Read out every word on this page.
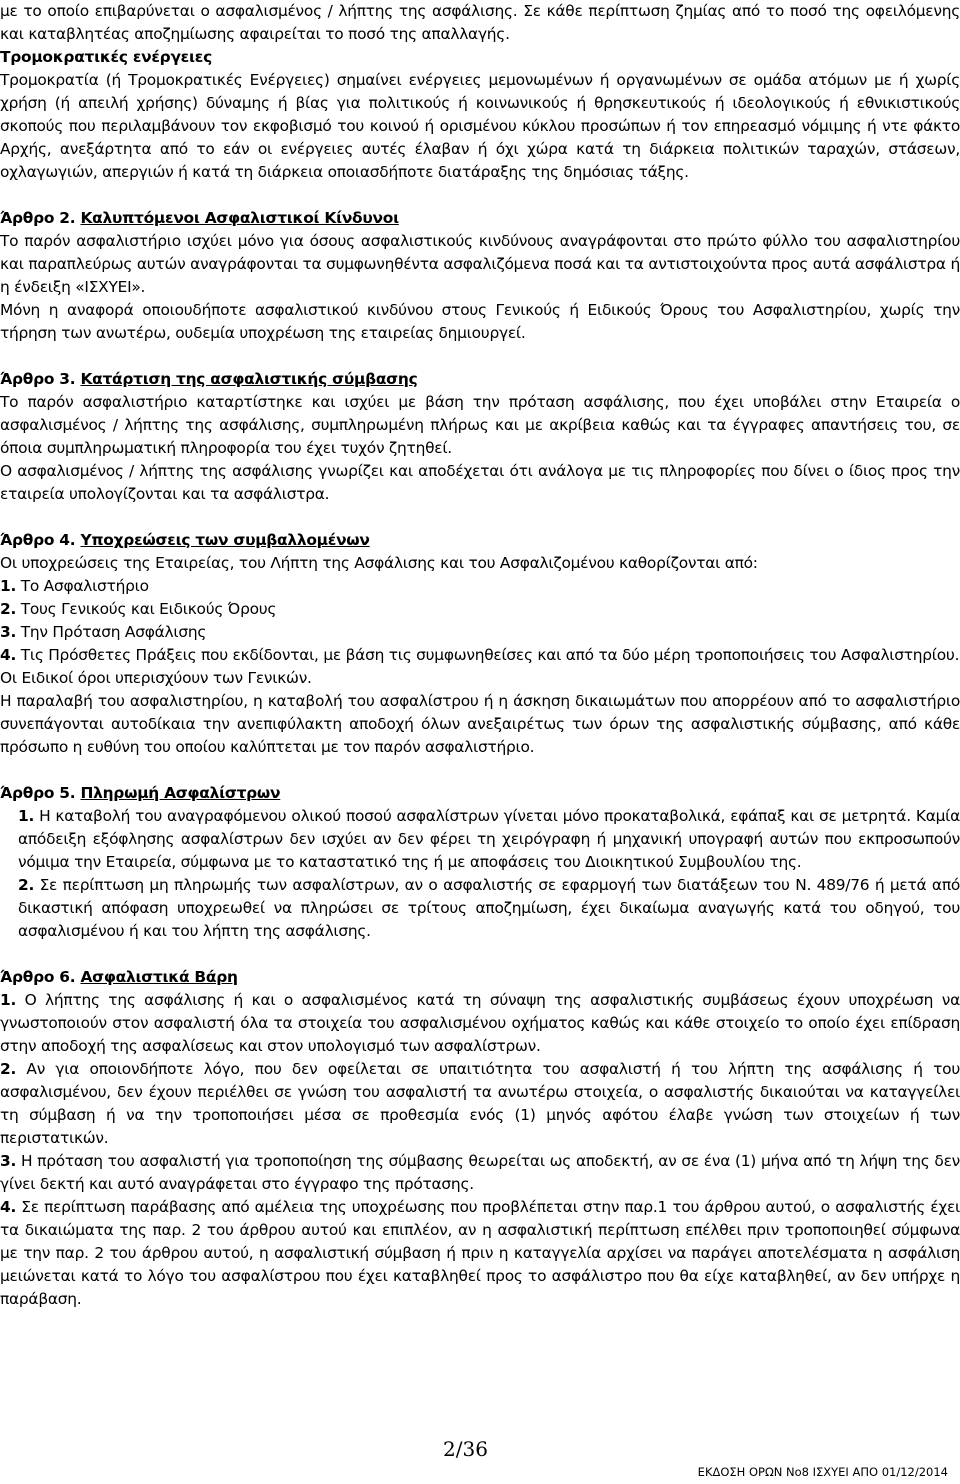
με το οποίο επιβαρύνεται ο ασφαλισμένος / λήπτης της ασφάλισης. Σε κάθε περίπτωση ζημίας από το ποσό της οφειλόμενης και καταβλητέας αποζημίωσης αφαιρείται το ποσό της απαλλαγής.

Τρομοκρατικές ενέργειες

Τρομοκρατία (ή Τρομοκρατικές Ενέργειες) σημαίνει ενέργειες μεμονωμένων ή οργανωμένων σε ομάδα ατόμων με ή χωρίς χρήση (ή απειλή χρήσης) δύναμης ή βίας για πολιτικούς ή κοινωνικούς ή θρησκευτικούς ή ιδεολογικούς ή εθνικιστικούς σκοπούς που περιλαμβάνουν τον εκφοβισμό του κοινού ή ορισμένου κύκλου προσώπων ή τον επηρεασμό νόμιμης ή ντε φάκτο Αρχής, ανεξάρτητα από το εάν οι ενέργειες αυτές έλαβαν ή όχι χώρα κατά τη διάρκεια πολιτικών ταραχών, στάσεων, οχλαγωγιών, απεργιών ή κατά τη διάρκεια οποιασδήποτε διατάραξης της δημόσιας τάξης.

Άρθρο 2. Καλυπτόμενοι Ασφαλιστικοί Κίνδυνοι

Το παρόν ασφαλιστήριο ισχύει μόνο για όσους ασφαλιστικούς κινδύνους αναγράφονται στο πρώτο φύλλο του ασφαλιστηρίου και παραπλεύρως αυτών αναγράφονται τα συμφωνηθέντα ασφαλιζόμενα ποσά και τα αντιστοιχούντα προς αυτά ασφάλιστρα ή η ένδειξη «ΙΣΧΥΕΙ».

Μόνη η αναφορά οποιουδήποτε ασφαλιστικού κινδύνου στους Γενικούς ή Ειδικούς Όρους του Ασφαλιστηρίου, χωρίς την τήρηση των ανωτέρω, ουδεμία υποχρέωση της εταιρείας δημιουργεί.

Άρθρο 3. Κατάρτιση της ασφαλιστικής σύμβασης

Το παρόν ασφαλιστήριο καταρτίστηκε και ισχύει με βάση την πρόταση ασφάλισης, που έχει υποβάλει στην Εταιρεία ο ασφαλισμένος / λήπτης της ασφάλισης, συμπληρωμένη πλήρως και με ακρίβεια καθώς και τα έγγραφες απαντήσεις του, σε όποια συμπληρωματική πληροφορία του έχει τυχόν ζητηθεί.

Ο ασφαλισμένος / λήπτης της ασφάλισης γνωρίζει και αποδέχεται ότι ανάλογα με τις πληροφορίες που δίνει ο ίδιος προς την εταιρεία υπολογίζονται και τα ασφάλιστρα.

Άρθρο 4. Υποχρεώσεις των συμβαλλομένων

Οι υποχρεώσεις της Εταιρείας, του Λήπτη της Ασφάλισης και του Ασφαλιζομένου καθορίζονται από:

1. Το Ασφαλιστήριο

2. Τους Γενικούς και Ειδικούς Όρους

3. Την Πρόταση Ασφάλισης

4. Τις Πρόσθετες Πράξεις που εκδίδονται, με βάση τις συμφωνηθείσες και από τα δύο μέρη τροποποιήσεις του Ασφαλιστηρίου.

Οι Ειδικοί όροι υπερισχύουν των Γενικών.

Η παραλαβή του ασφαλιστηρίου, η καταβολή του ασφαλίστρου ή η άσκηση δικαιωμάτων που απορρέουν από το ασφαλιστήριο συνεπάγονται αυτοδίκαια την ανεπιφύλακτη αποδοχή όλων ανεξαιρέτως των όρων της ασφαλιστικής σύμβασης, από κάθε πρόσωπο η ευθύνη του οποίου καλύπτεται με τον παρόν ασφαλιστήριο.

Άρθρο 5. Πληρωμή Ασφαλίστρων

1. Η καταβολή του αναγραφόμενου ολικού ποσού ασφαλίστρων γίνεται μόνο προκαταβολικά, εφάπαξ και σε μετρητά. Καμία απόδειξη εξόφλησης ασφαλίστρων δεν ισχύει αν δεν φέρει τη χειρόγραφη ή μηχανική υπογραφή αυτών που εκπροσωπούν νόμιμα την Εταιρεία, σύμφωνα με το καταστατικό της ή με αποφάσεις του Διοικητικού Συμβουλίου της.

2. Σε περίπτωση μη πληρωμής των ασφαλίστρων, αν ο ασφαλιστής σε εφαρμογή των διατάξεων του Ν. 489/76 ή μετά από δικαστική απόφαση υποχρεωθεί να πληρώσει σε τρίτους αποζημίωση, έχει δικαίωμα αναγωγής κατά του οδηγού, του ασφαλισμένου ή και του λήπτη της ασφάλισης.

Άρθρο 6. Ασφαλιστικά Βάρη

1. Ο λήπτης της ασφάλισης ή και ο ασφαλισμένος κατά τη σύναψη της ασφαλιστικής συμβάσεως έχουν υποχρέωση να γνωστοποιούν στον ασφαλιστή όλα τα στοιχεία του ασφαλισμένου οχήματος καθώς και κάθε στοιχείο το οποίο έχει επίδραση στην αποδοχή της ασφαλίσεως και στον υπολογισμό των ασφαλίστρων.

2. Αν για οποιονδήποτε λόγο, που δεν οφείλεται σε υπαιτιότητα του ασφαλιστή ή του λήπτη της ασφάλισης ή του ασφαλισμένου, δεν έχουν περιέλθει σε γνώση του ασφαλιστή τα ανωτέρω στοιχεία, ο ασφαλιστής δικαιούται να καταγγείλει τη σύμβαση ή να την τροποποιήσει μέσα σε προθεσμία ενός (1) μηνός αφότου έλαβε γνώση των στοιχείων ή των περιστατικών.

3. Η πρόταση του ασφαλιστή για τροποποίηση της σύμβασης θεωρείται ως αποδεκτή, αν σε ένα (1) μήνα από τη λήψη της δεν γίνει δεκτή και αυτό αναγράφεται στο έγγραφο της πρότασης.

4. Σε περίπτωση παράβασης από αμέλεια της υποχρέωσης που προβλέπεται στην παρ.1 του άρθρου αυτού, ο ασφαλιστής έχει τα δικαιώματα της παρ. 2 του άρθρου αυτού και επιπλέον, αν η ασφαλιστική περίπτωση επέλθει πριν τροποποιηθεί σύμφωνα με την παρ. 2 του άρθρου αυτού, η ασφαλιστική σύμβαση ή πριν η καταγγελία αρχίσει να παράγει αποτελέσματα η ασφάλιση μειώνεται κατά το λόγο του ασφαλίστρου που έχει καταβληθεί προς το ασφάλιστρο που θα είχε καταβληθεί, αν δεν υπήρχε η παράβαση.

2/36
ΕΚΔΟΣΗ ΟΡΩΝ Νο8 ΙΣΧΥΕΙ ΑΠΟ 01/12/2014
